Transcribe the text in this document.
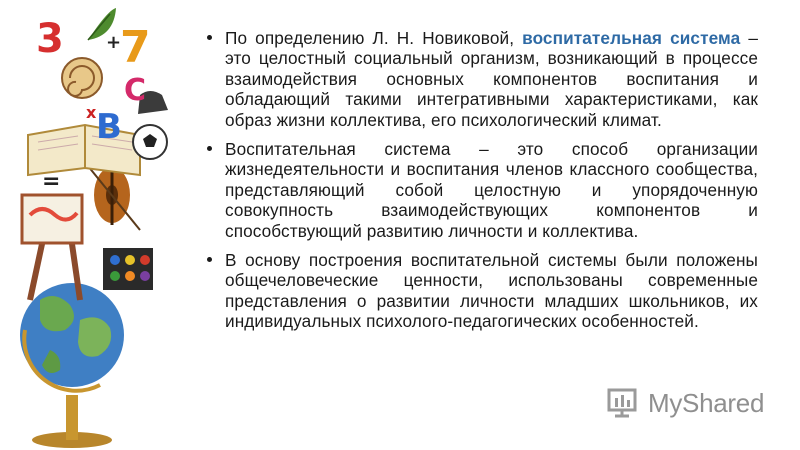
3 7
C
B
+
=
x
По определению Л. Н. Новиковой, воспитательная система – это целостный социальный организм, возникающий в процессе взаимодействия основных компонентов воспитания и обладающий такими интегративными характеристиками, как образ жизни коллектива, его психологический климат.
Воспитательная система – это способ организации жизнедеятельности и воспитания членов классного сообщества, представляющий собой целостную и упорядоченную совокупность взаимодействующих компонентов и способствующий развитию личности и коллектива.
В основу построения воспитательной системы были положены общечеловеческие ценности, использованы современные представления о развитии личности младших школьников, их индивидуальных психолого-педагогических особенностей.
MyShared
